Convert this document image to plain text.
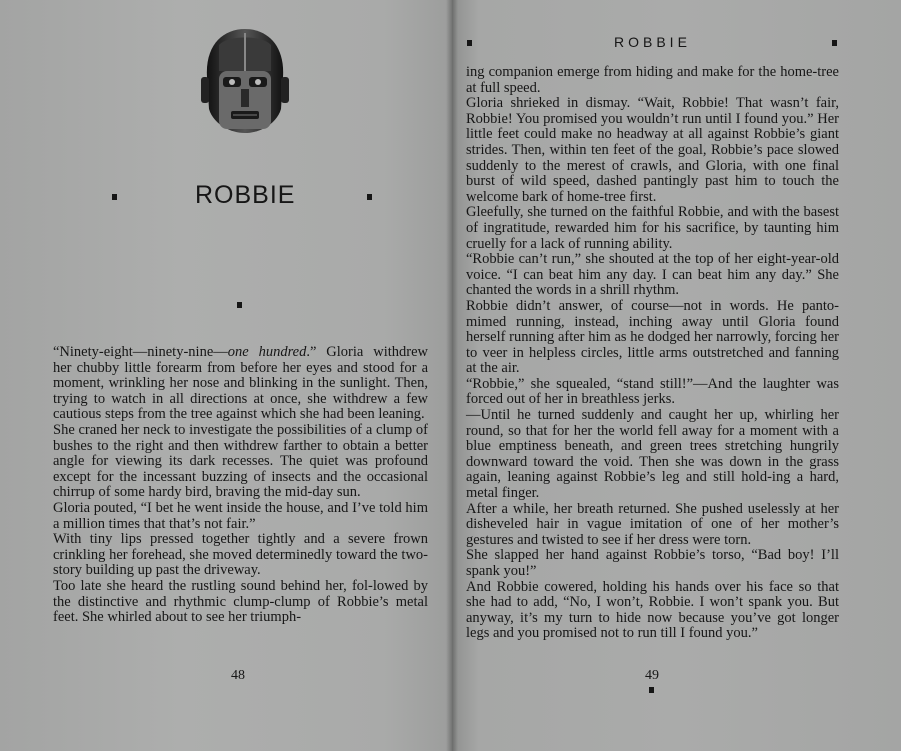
ROBBIE

“Ninety-eight—ninety-nine—one hundred.” Gloria withdrew her chubby little forearm from before her eyes and stood for a moment, wrinkling her nose and blinking in the sunlight. Then, trying to watch in all directions at once, she withdrew a few cautious steps from the tree against which she had been leaning.

She craned her neck to investigate the possibilities of a clump of bushes to the right and then withdrew farther to obtain a better angle for viewing its dark recesses. The quiet was profound except for the incessant buzzing of insects and the occasional chirrup of some hardy bird, braving the mid-day sun.

Gloria pouted, “I bet he went inside the house, and I’ve told him a million times that that’s not fair.”

With tiny lips pressed together tightly and a severe frown crinkling her forehead, she moved determinedly toward the two-story building up past the driveway.

Too late she heard the rustling sound behind her, fol-lowed by the distinctive and rhythmic clump-clump of Robbie’s metal feet. She whirled about to see her triumph-

48
ROBBIE

ing companion emerge from hiding and make for the home-tree at full speed.

Gloria shrieked in dismay. “Wait, Robbie! That wasn’t fair, Robbie! You promised you wouldn’t run until I found you.” Her little feet could make no headway at all against Robbie’s giant strides. Then, within ten feet of the goal, Robbie’s pace slowed suddenly to the merest of crawls, and Gloria, with one final burst of wild speed, dashed pantingly past him to touch the welcome bark of home-tree first.

Gleefully, she turned on the faithful Robbie, and with the basest of ingratitude, rewarded him for his sacrifice, by taunting him cruelly for a lack of running ability.

“Robbie can’t run,” she shouted at the top of her eight-year-old voice. “I can beat him any day. I can beat him any day.” She chanted the words in a shrill rhythm.

Robbie didn’t answer, of course—not in words. He panto-mimed running, instead, inching away until Gloria found herself running after him as he dodged her narrowly, forcing her to veer in helpless circles, little arms outstretched and fanning at the air.

“Robbie,” she squealed, “stand still!”—And the laughter was forced out of her in breathless jerks.

—Until he turned suddenly and caught her up, whirling her round, so that for her the world fell away for a moment with a blue emptiness beneath, and green trees stretching hungrily downward toward the void. Then she was down in the grass again, leaning against Robbie’s leg and still hold-ing a hard, metal finger.

After a while, her breath returned. She pushed uselessly at her disheveled hair in vague imitation of one of her mother’s gestures and twisted to see if her dress were torn.

She slapped her hand against Robbie’s torso, “Bad boy! I’ll spank you!”

And Robbie cowered, holding his hands over his face so that she had to add, “No, I won’t, Robbie. I won’t spank you. But anyway, it’s my turn to hide now because you’ve got longer legs and you promised not to run till I found you.”

49
